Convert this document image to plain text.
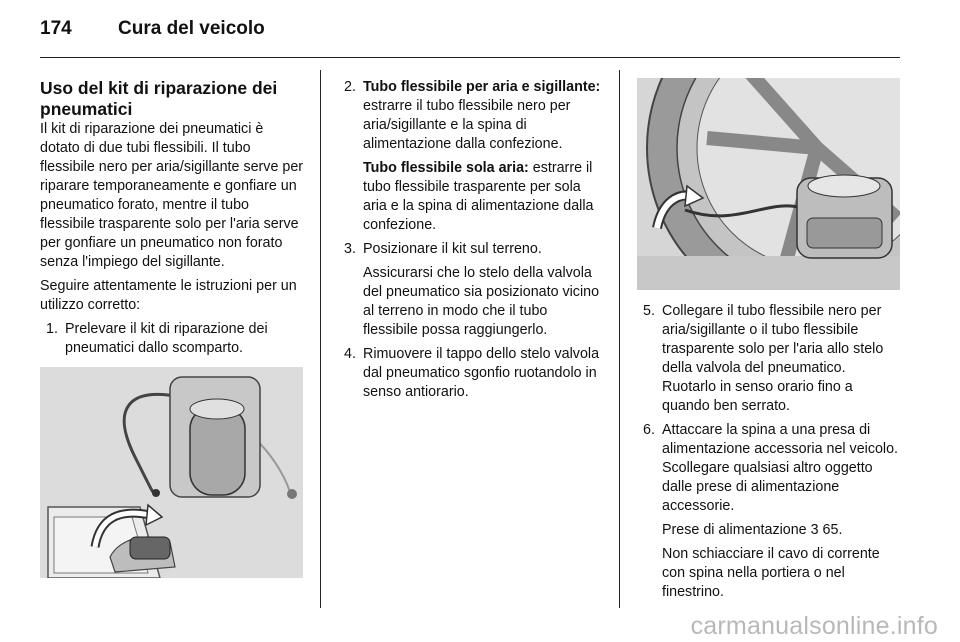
174 Cura del veicolo
Uso del kit di riparazione dei pneumatici

Il kit di riparazione dei pneumatici è dotato di due tubi flessibili. Il tubo flessibile nero per aria/sigillante serve per riparare temporaneamente e gonfiare un pneumatico forato, mentre il tubo flessibile trasparente solo per l'aria serve per gonfiare un pneumatico non forato senza l'impiego del sigillante.

Seguire attentamente le istruzioni per un utilizzo corretto:

1. Prelevare il kit di riparazione dei pneumatici dallo scomparto.
2. Tubo flessibile per aria e sigillante: estrarre il tubo flessibile nero per aria/sigillante e la spina di alimentazione dalla confezione.
Tubo flessibile sola aria: estrarre il tubo flessibile trasparente per sola aria e la spina di alimentazione dalla confezione.
3. Posizionare il kit sul terreno.
Assicurarsi che lo stelo della valvola del pneumatico sia posizionato vicino al terreno in modo che il tubo flessibile possa raggiungerlo.
4. Rimuovere il tappo dello stelo valvola dal pneumatico sgonfio ruotandolo in senso antiorario.
5. Collegare il tubo flessibile nero per aria/sigillante o il tubo flessibile trasparente solo per l'aria allo stelo della valvola del pneumatico. Ruotarlo in senso orario fino a quando ben serrato.
6. Attaccare la spina a una presa di alimentazione accessoria nel veicolo. Scollegare qualsiasi altro oggetto dalle prese di alimentazione accessorie.
Prese di alimentazione 3 65.
Non schiacciare il cavo di corrente con spina nella portiera o nel finestrino.
carmanualsonline.info
